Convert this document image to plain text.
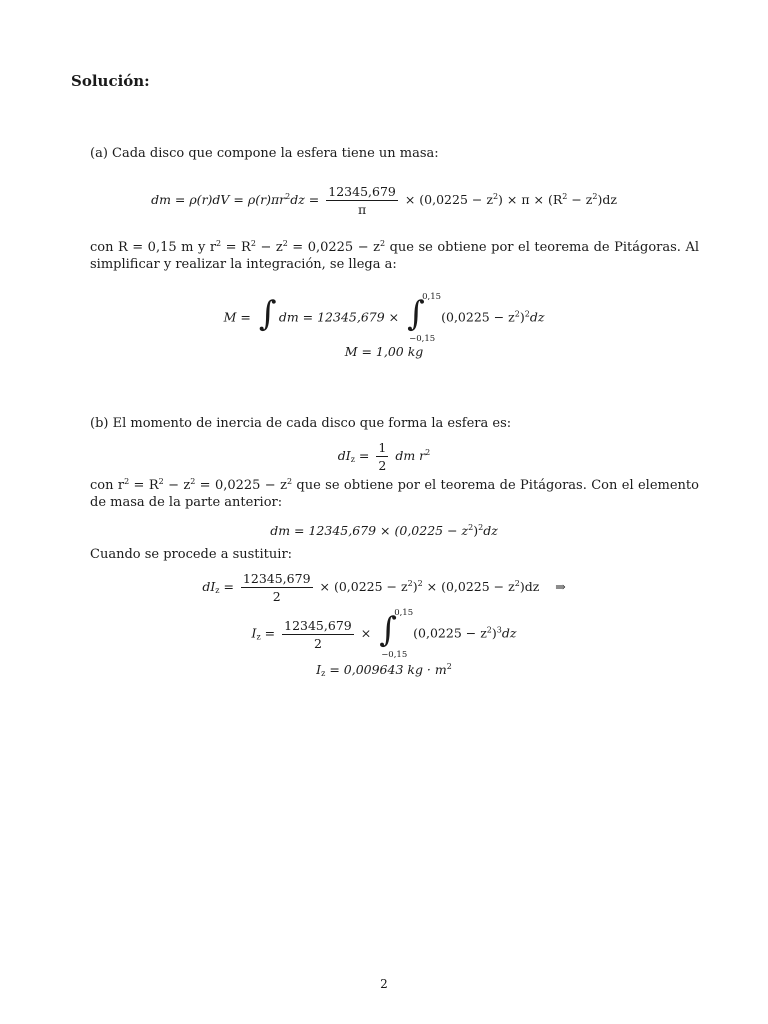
Solución:
(a) Cada disco que compone la esfera tiene un masa:
dm = $\rho(r)dV = \rho(r)\pi r^2dz = \frac{12345,679}{\pi} \times (0,0225 - z^2) \times \pi \times (R^2 - z^2)dz$
con R = 0,15 m y $r^2 = R^2 - z^2 = 0,0225 - z^2$ que se obtiene por el teorema de Pitágoras. Al simplificar y realizar la integración, se llega a:
M = ∫ dm = 12345,679 × ∫
0,15
−0,15
$(0,0225 - z^2)^2dz$
M = 1,00 kg
(b) El momento de inercia de cada disco que forma la esfera es:
$dI_z = \frac{1}{2}$ dm $r^2$
con $r^2 = R^2 - z^2 = 0,0225 - z^2$ que se obtiene por el teorema de Pitágoras. Con el elemento de masa de la parte anterior:
dm = $12345,679 \times (0,0225 - z^2)^2dz$
Cuando se procede a sustituir:
$dI_z = \frac{12345,679}{2} \times (0,0225 - z^2)^2 \times (0,0225 - z^2)dz$ ⇒
$I_z = \frac{12345,679}{2}$ × ∫
0,15
−0,15
$(0,0225 - z^2)^3dz$
$I_z = 0,009643$ kg · $m^2$
2
